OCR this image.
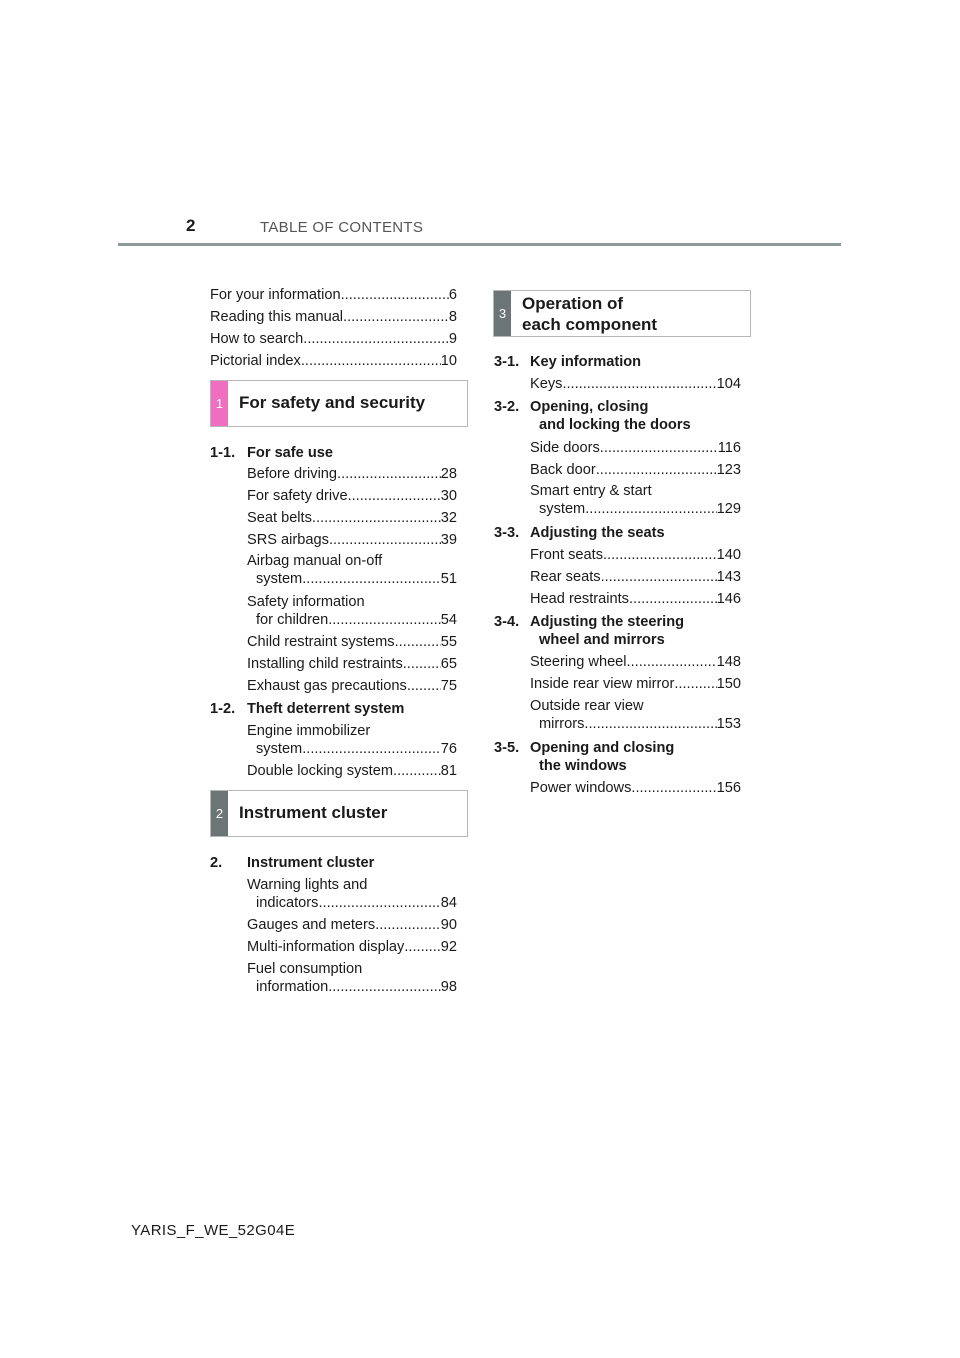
2	TABLE OF CONTENTS
For your information .....	6
Reading this manual .....	8
How to search .....	9
Pictorial index .....	10
1 For safety and security
1-1. For safe use
Before driving .....	28
For safety drive .....	30
Seat belts .....	32
SRS airbags .....	39
Airbag manual on-off
system .....	51
Safety information
for children .....	54
Child restraint systems .....	55
Installing child restraints .....	65
Exhaust gas precautions ..... 75
1-2. Theft deterrent system
Engine immobilizer
system .....	76
Double locking system .....	81
2 Instrument cluster
2. Instrument cluster
Warning lights and
indicators .....	84
Gauges and meters .....	90
Multi-information display ..... 92
Fuel consumption
information .....	98
3
Operation of
each component
3-1. Key information
Keys .....	104
3-2. Opening, closing
and locking the doors
Side doors .....	116
Back door .....	123
Smart entry & start
system .....	129
3-3. Adjusting the seats
Front seats .....	140
Rear seats .....	143
Head restraints .....	146
3-4. Adjusting the steering
wheel and mirrors
Steering wheel .....	148
Inside rear view mirror .....	150
Outside rear view
mirrors .....	153
3-5. Opening and closing
the windows
Power windows .....	156
YARIS_F_WE_52G04E
